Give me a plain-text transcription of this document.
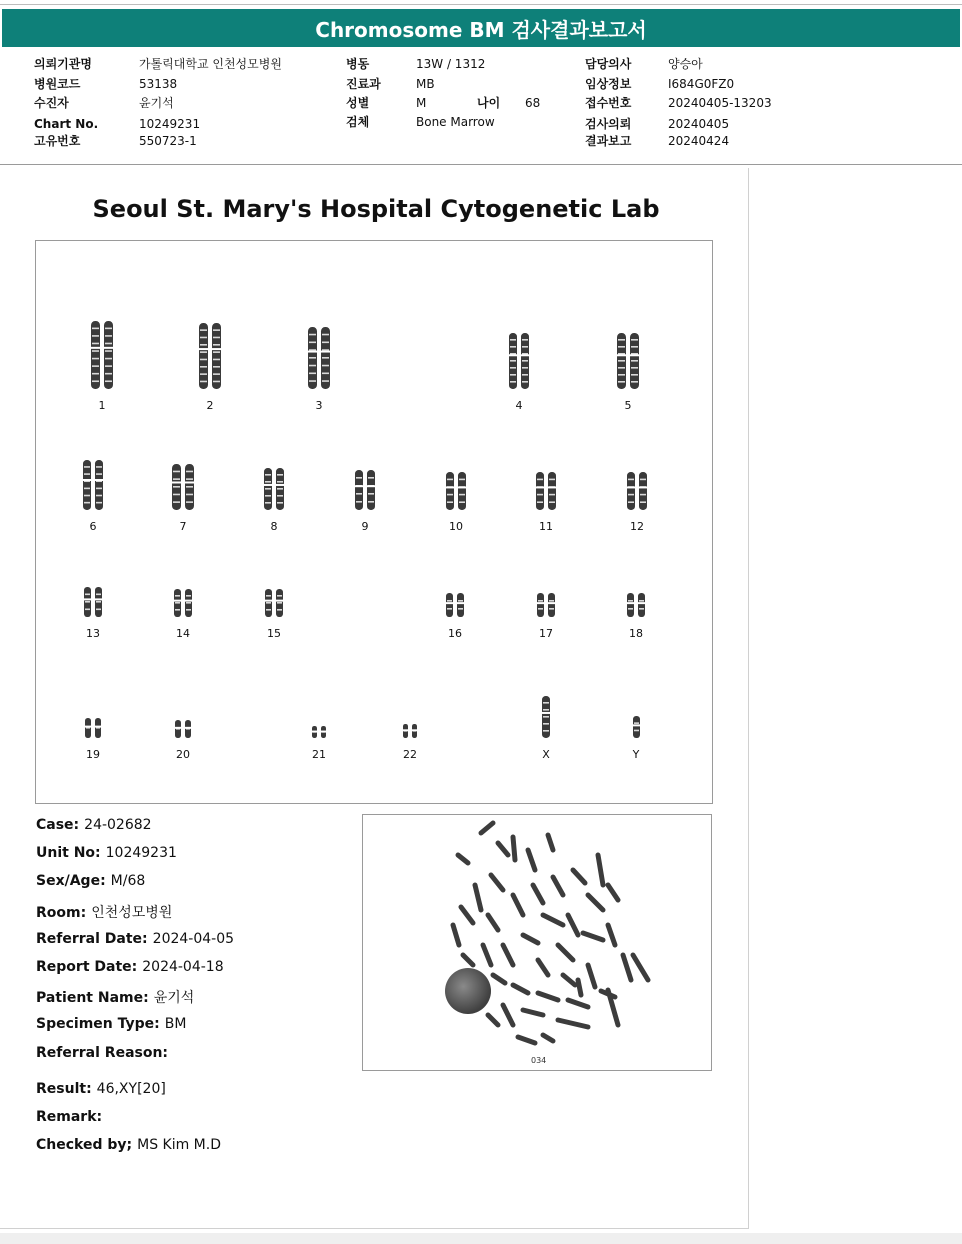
Chromosome BM 검사결과보고서
의뢰기관명	가톨릭대학교 인천성모병원
병원코드	53138
수진자	윤기석
Chart No.	10249231
고유번호	550723-1
병동	13W / 1312
진료과	MB
성별	M	나이 68
검체	Bone Marrow
담당의사	양승아
임상정보	I684G0FZ0
접수번호	20240405-13203
검사의뢰	20240405
결과보고	20240424
Seoul St. Mary's Hospital Cytogenetic Lab
1	2	3	4	5
6	7	8	9	10	11	12
13	14	15	16	17	18
19	20	21	22	X	Y
034
Case: 24-02682
Unit No: 10249231
Sex/Age: M/68
Room: 인천성모병원
Referral Date: 2024-04-05
Report Date: 2024-04-18
Patient Name: 윤기석
Specimen Type: BM
Referral Reason:
Result: 46,XY[20]
Remark:
Checked by; MS Kim M.D
